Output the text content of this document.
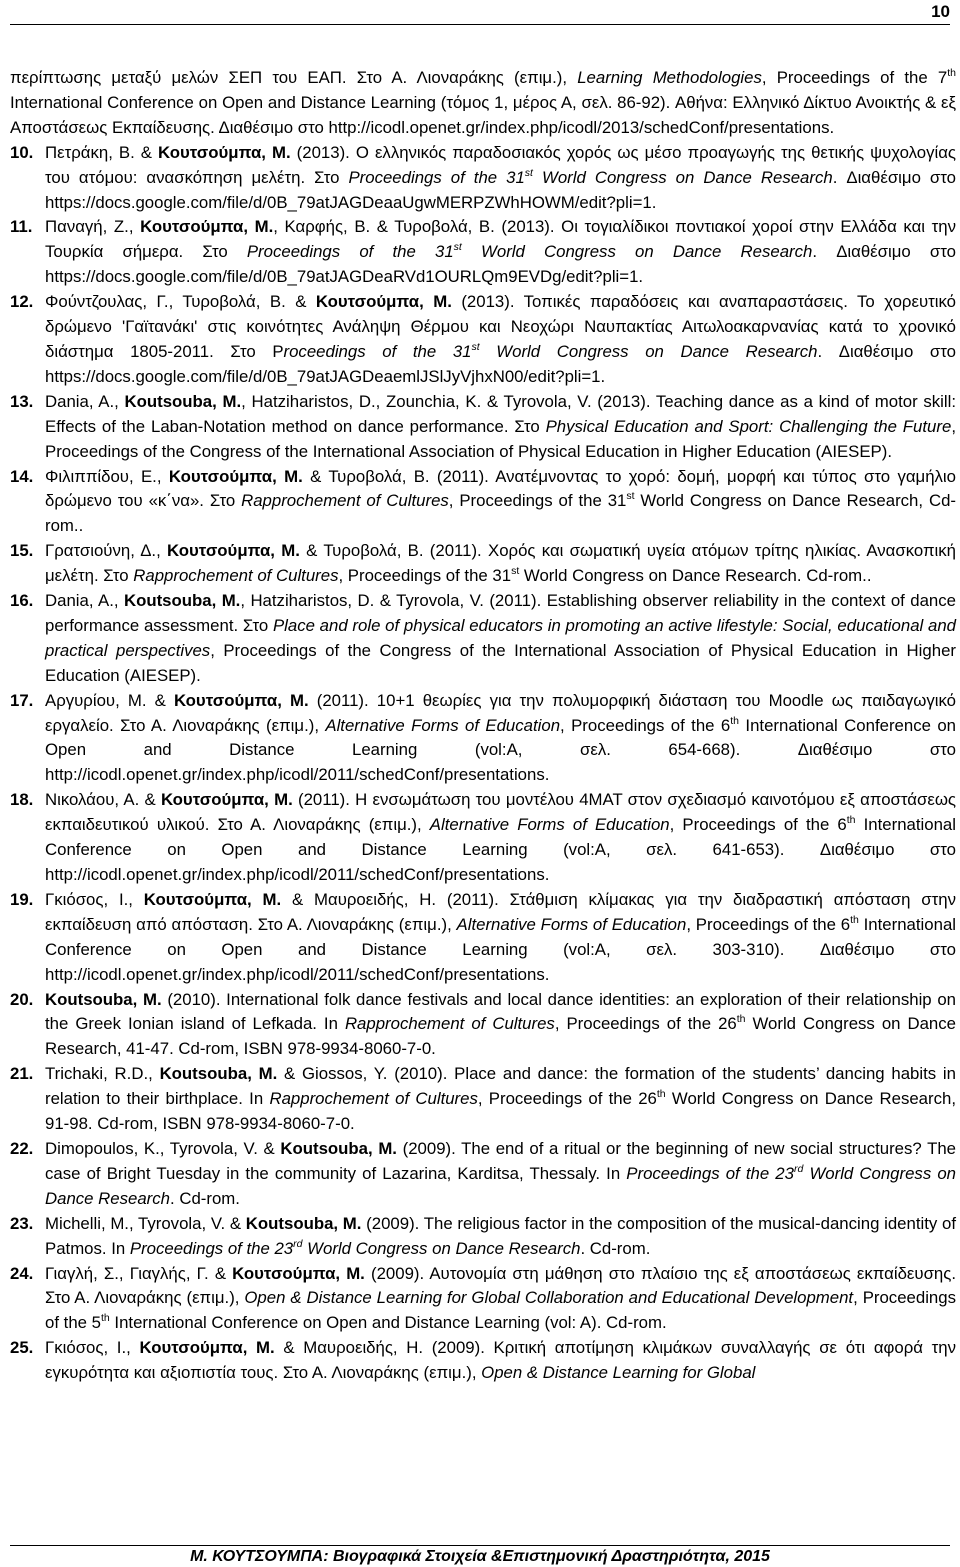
10

περίπτωσης μεταξύ μελών ΣΕΠ του ΕΑΠ. Στο Α. Λιοναράκης (επιμ.), Learning Methodologies, Proceedings of the 7th International Conference on Open and Distance Learning (τόμος 1, μέρος Α, σελ. 86-92). Αθήνα: Ελληνικό Δίκτυο Ανοικτής & εξ Αποστάσεως Εκπαίδευσης. Διαθέσιμο στο http://icodl.openet.gr/index.php/icodl/2013/schedConf/presentations.

10. Πετράκη, Β. & Κουτσούμπα, Μ. (2013). Ο ελληνικός παραδοσιακός χορός ως μέσο προαγωγής της θετικής ψυχολογίας του ατόμου: ανασκόπηση μελέτη. Στο Proceedings of the 31st World Congress on Dance Research. Διαθέσιμο στο https://docs.google.com/file/d/0B_79atJAGDeaaUgwMERPZWhHOWM/edit?pli=1.

11. Παναγή, Ζ., Κουτσούμπα, Μ., Καρφής, Β. & Τυροβολά, Β. (2013). Οι τογιαλίδικοι ποντιακοί χοροί στην Ελλάδα και την Τουρκία σήμερα. Στο Proceedings of the 31st World Congress on Dance Research. Διαθέσιμο στο https://docs.google.com/file/d/0B_79atJAGDeaRVd1OURLQm9EVDg/edit?pli=1.

12. Φούντζουλας, Γ., Τυροβολά, Β. & Κουτσούμπα, Μ. (2013). Τοπικές παραδόσεις και αναπαραστάσεις. Το χορευτικό δρώμενο 'Γαϊτανάκι' στις κοινότητες Ανάληψη Θέρμου και Νεοχώρι Ναυπακτίας Αιτωλοακαρνανίας κατά το χρονικό διάστημα 1805-2011. Στο Proceedings of the 31st World Congress on Dance Research. Διαθέσιμο στο https://docs.google.com/file/d/0B_79atJAGDeaemlJSlJyVjhxN00/edit?pli=1.

13. Dania, A., Koutsouba, M., Hatziharistos, D., Zounchia, K. & Tyrovola, V. (2013). Teaching dance as a kind of motor skill: Effects of the Laban-Notation method on dance performance. Στο Physical Education and Sport: Challenging the Future, Proceedings of the Congress of the International Association of Physical Education in Higher Education (AIESEP).

14. Φιλιππίδου, Ε., Κουτσούμπα, Μ. & Τυροβολά, Β. (2011). Ανατέμνοντας το χορό: δομή, μορφή και τύπος στο γαμήλιο δρώμενο του «κ΄να». Στο Rapprochement of Cultures, Proceedings of the 31st World Congress on Dance Research, Cd-rom..

15. Γρατσιούνη, Δ., Κουτσούμπα, Μ. & Τυροβολά, Β. (2011). Χορός και σωματική υγεία ατόμων τρίτης ηλικίας. Ανασκοπική μελέτη. Στο Rapprochement of Cultures, Proceedings of the 31st World Congress on Dance Research. Cd-rom..

16. Dania, A., Koutsouba, M., Hatziharistos, D. & Tyrovola, V. (2011). Establishing observer reliability in the context of dance performance assessment. Στο Place and role of physical educators in promoting an active lifestyle: Social, educational and practical perspectives, Proceedings of the Congress of the International Association of Physical Education in Higher Education (AIESEP).

17. Αργυρίου, Μ. & Κουτσούμπα, Μ. (2011). 10+1 θεωρίες για την πολυμορφική διάσταση του Moodle ως παιδαγωγικό εργαλείο. Στο Α. Λιοναράκης (επιμ.), Alternative Forms of Education, Proceedings of the 6th International Conference on Open and Distance Learning (vol:A, σελ. 654-668). Διαθέσιμο στο http://icodl.openet.gr/index.php/icodl/2011/schedConf/presentations.

18. Νικολάου, Α. & Κουτσούμπα, Μ. (2011). Η ενσωμάτωση του μοντέλου 4MAT στον σχεδιασμό καινοτόμου εξ αποστάσεως εκπαιδευτικού υλικού. Στο Α. Λιοναράκης (επιμ.), Alternative Forms of Education, Proceedings of the 6th International Conference on Open and Distance Learning (vol:A, σελ. 641-653). Διαθέσιμο στο http://icodl.openet.gr/index.php/icodl/2011/schedConf/presentations.

19. Γκιόσος, Ι., Κουτσούμπα, Μ. & Μαυροειδής, Η. (2011). Στάθμιση κλίμακας για την διαδραστική απόσταση στην εκπαίδευση από απόσταση. Στο Α. Λιοναράκης (επιμ.), Alternative Forms of Education, Proceedings of the 6th International Conference on Open and Distance Learning (vol:A, σελ. 303-310). Διαθέσιμο στο http://icodl.openet.gr/index.php/icodl/2011/schedConf/presentations.

20. Koutsouba, M. (2010). International folk dance festivals and local dance identities: an exploration of their relationship on the Greek Ionian island of Lefkada. In Rapprochement of Cultures, Proceedings of the 26th World Congress on Dance Research, 41-47. Cd-rom, ISBN 978-9934-8060-7-0.

21. Trichaki, R.D., Koutsouba, M. & Giossos, Y. (2010). Place and dance: the formation of the students’ dancing habits in relation to their birthplace. In Rapprochement of Cultures, Proceedings of the 26th World Congress on Dance Research, 91-98. Cd-rom, ISBN 978-9934-8060-7-0.

22. Dimopoulos, K., Tyrovola, V. & Koutsouba, M. (2009). The end of a ritual or the beginning of new social structures? The case of Bright Tuesday in the community of Lazarina, Karditsa, Thessaly. In Proceedings of the 23rd World Congress on Dance Research. Cd-rom.

23. Michelli, M., Tyrovola, V. & Koutsouba, M. (2009). The religious factor in the composition of the musical-dancing identity of Patmos. In Proceedings of the 23rd World Congress on Dance Research. Cd-rom.

24. Γιαγλή, Σ., Γιαγλής, Γ. & Κουτσούμπα, Μ. (2009). Αυτονομία στη μάθηση στο πλαίσιο της εξ αποστάσεως εκπαίδευσης. Στο Α. Λιοναράκης (επιμ.), Open & Distance Learning for Global Collaboration and Educational Development, Proceedings of the 5th International Conference on Open and Distance Learning (vol: A). Cd-rom.

25. Γκιόσος, Ι., Κουτσούμπα, Μ. & Μαυροειδής, Η. (2009). Κριτική αποτίμηση κλιμάκων συναλλαγής σε ότι αφορά την εγκυρότητα και αξιοπιστία τους. Στο Α. Λιοναράκης (επιμ.), Open & Distance Learning for Global

Μ. ΚΟΥΤΣΟΥΜΠΑ: Βιογραφικά Στοιχεία &Επιστημονική Δραστηριότητα, 2015
